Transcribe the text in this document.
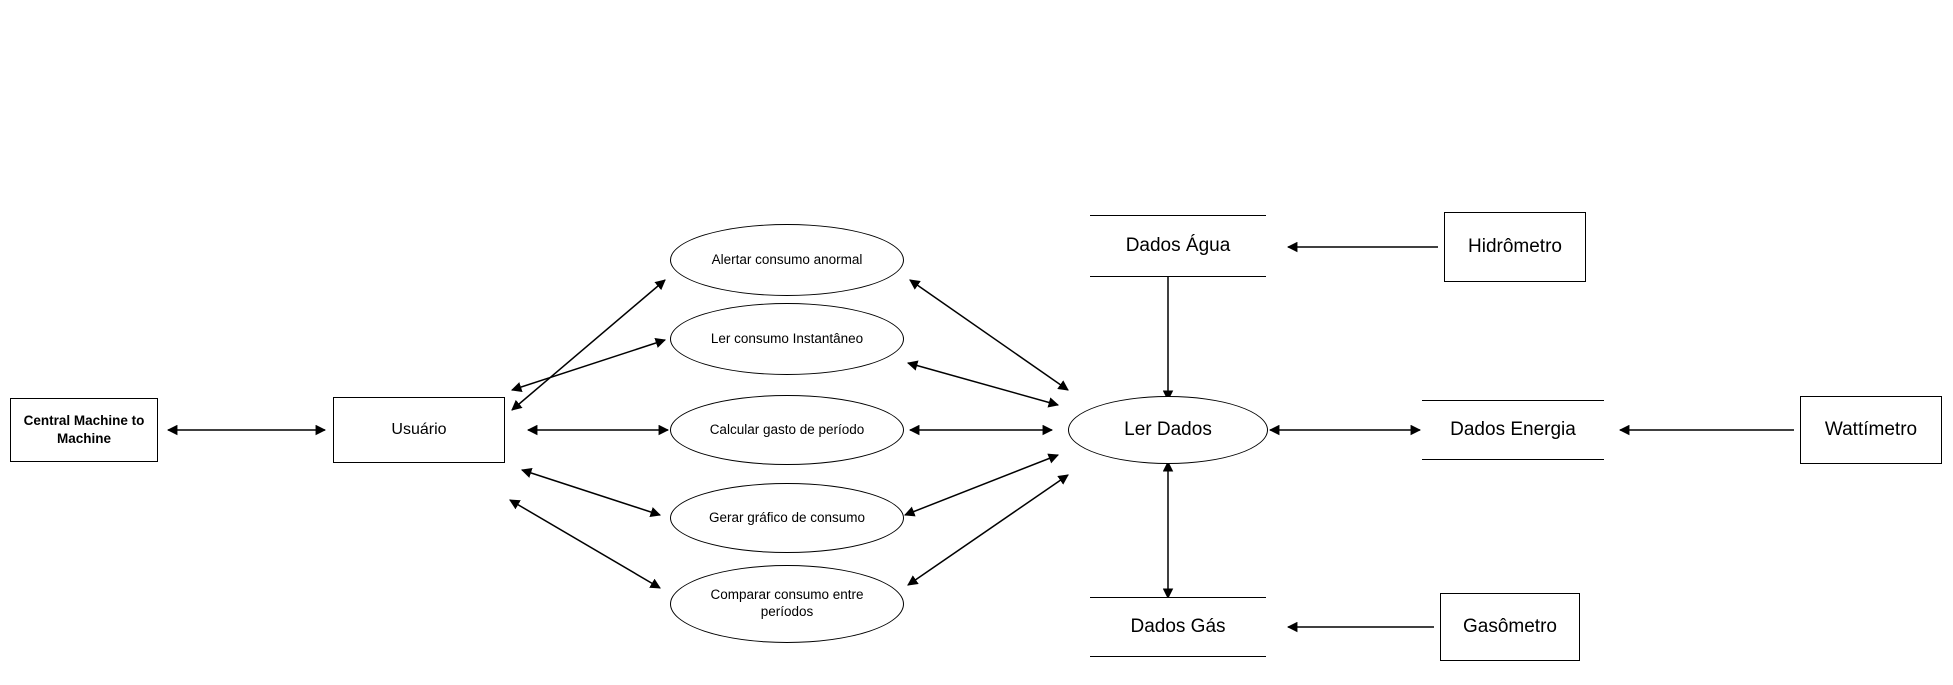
Central Machine to Machine
Usuário
Alertar consumo anormal
Ler consumo Instantâneo
Calcular gasto de período
Gerar gráfico de consumo
Comparar consumo entre períodos
Ler Dados
Dados Água
Dados Energia
Dados Gás
Hidrômetro
Wattímetro
Gasômetro
